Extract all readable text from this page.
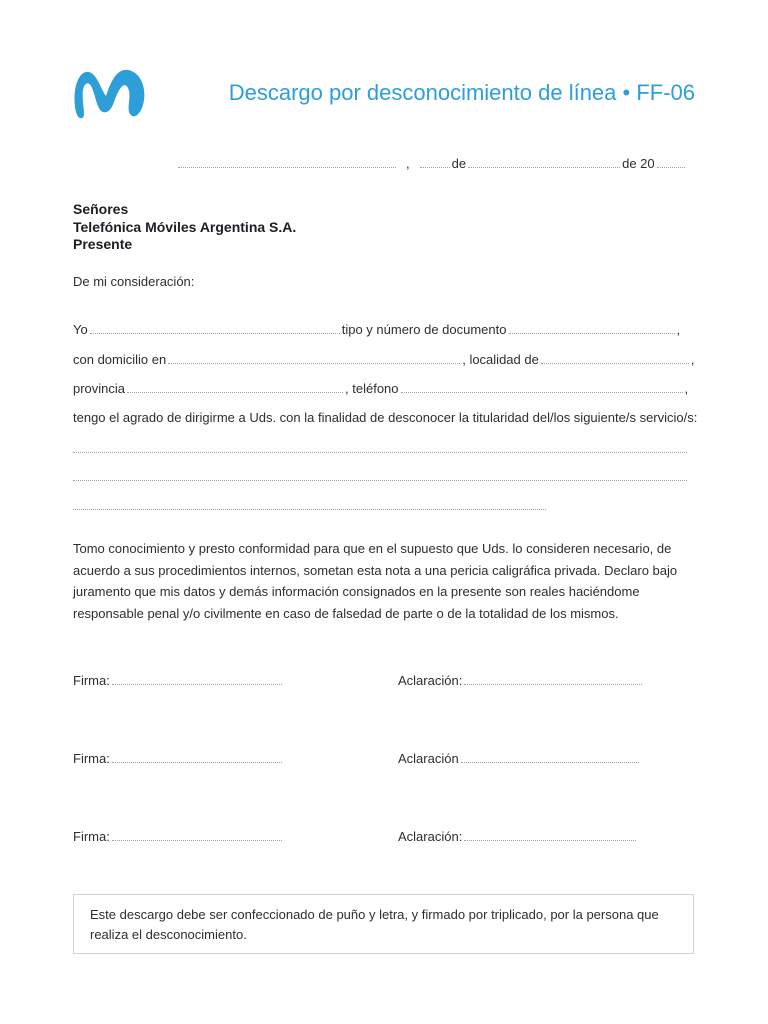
Descargo por desconocimiento de línea • FF-06
,	de	de 20
Señores
Telefónica Móviles Argentina S.A.
Presente
De mi consideración:
Yo	tipo y número de documento	,
con domicilio en	, localidad de	,
provincia	, teléfono	,
tengo el agrado de dirigirme a Uds. con la finalidad de desconocer la titularidad del/los siguiente/s servicio/s:
Tomo conocimiento y presto conformidad para que en el supuesto que Uds. lo consideren necesario, de acuerdo a sus procedimientos internos, sometan esta nota a una pericia caligráfica privada. Declaro bajo juramento que mis datos y demás información consignados en la presente son reales haciéndome responsable penal y/o civilmente en caso de falsedad de parte o de la totalidad de los mismos.
Firma:	Aclaración:
Firma:	Aclaración
Firma:	Aclaración:
Este descargo debe ser confeccionado de puño y letra, y firmado por triplicado, por la persona que realiza el desconocimiento.
